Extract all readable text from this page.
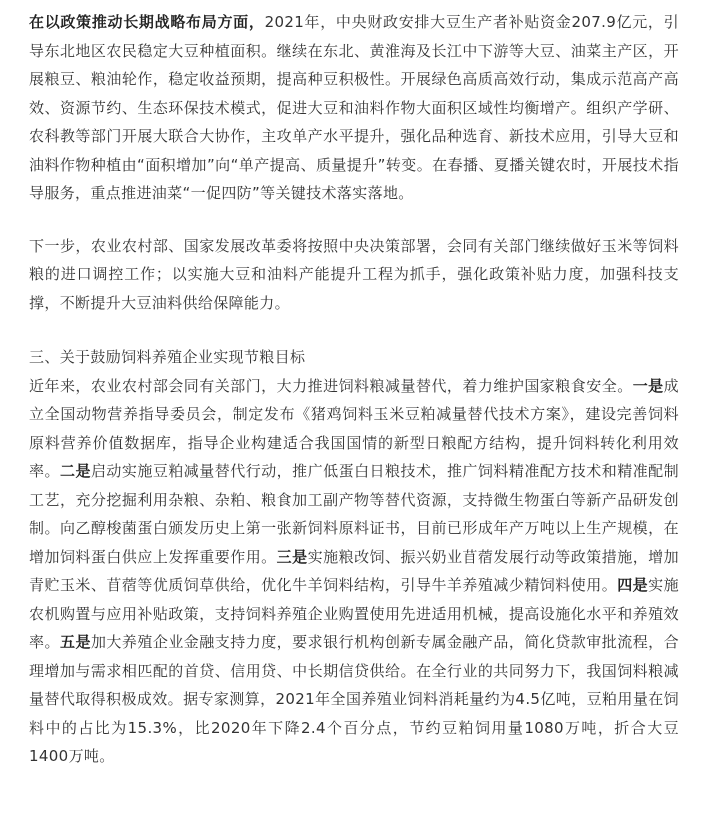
在以政策推动长期战略布局方面，2021年，中央财政安排大豆生产者补贴资金207.9亿元，引导东北地区农民稳定大豆种植面积。继续在东北、黄淮海及长江中下游等大豆、油菜主产区，开展粮豆、粮油轮作，稳定收益预期，提高种豆积极性。开展绿色高质高效行动，集成示范高产高效、资源节约、生态环保技术模式，促进大豆和油料作物大面积区域性均衡增产。组织产学研、农科教等部门开展大联合大协作，主攻单产水平提升，强化品种选育、新技术应用，引导大豆和油料作物种植由“面积增加”向“单产提高、质量提升”转变。在春播、夏播关键农时，开展技术指导服务，重点推进油菜“一促四防”等关键技术落实落地。

下一步，农业农村部、国家发展改革委将按照中央决策部署，会同有关部门继续做好玉米等饲料粮的进口调控工作；以实施大豆和油料产能提升工程为抓手，强化政策补贴力度，加强科技支撑，不断提升大豆油料供给保障能力。

三、关于鼓励饲料养殖企业实现节粮目标

近年来，农业农村部会同有关部门，大力推进饲料粮减量替代，着力维护国家粮食安全。一是成立全国动物营养指导委员会，制定发布《猪鸡饲料玉米豆粕减量替代技术方案》，建设完善饲料原料营养价值数据库，指导企业构建适合我国国情的新型日粮配方结构，提升饲料转化利用效率。二是启动实施豆粕减量替代行动，推广低蛋白日粮技术，推广饲料精准配方技术和精准配制工艺，充分挖掘利用杂粮、杂粕、粮食加工副产物等替代资源，支持微生物蛋白等新产品研发创制。向乙醇梭菌蛋白颁发历史上第一张新饲料原料证书，目前已形成年产万吨以上生产规模，在增加饲料蛋白供应上发挥重要作用。三是实施粮改饲、振兴奶业苜蓿发展行动等政策措施，增加青贮玉米、苜蓿等优质饲草供给，优化牛羊饲料结构，引导牛羊养殖减少精饲料使用。四是实施农机购置与应用补贴政策，支持饲料养殖企业购置使用先进适用机械，提高设施化水平和养殖效率。五是加大养殖企业金融支持力度，要求银行机构创新专属金融产品，简化贷款审批流程，合理增加与需求相匹配的首贷、信用贷、中长期信贷供给。在全行业的共同努力下，我国饲料粮减量替代取得积极成效。据专家测算，2021年全国养殖业饲料消耗量约为4.5亿吨，豆粕用量在饲料中的占比为15.3%，比2020年下降2.4个百分点，节约豆粕饲用量1080万吨，折合大豆1400万吨。
